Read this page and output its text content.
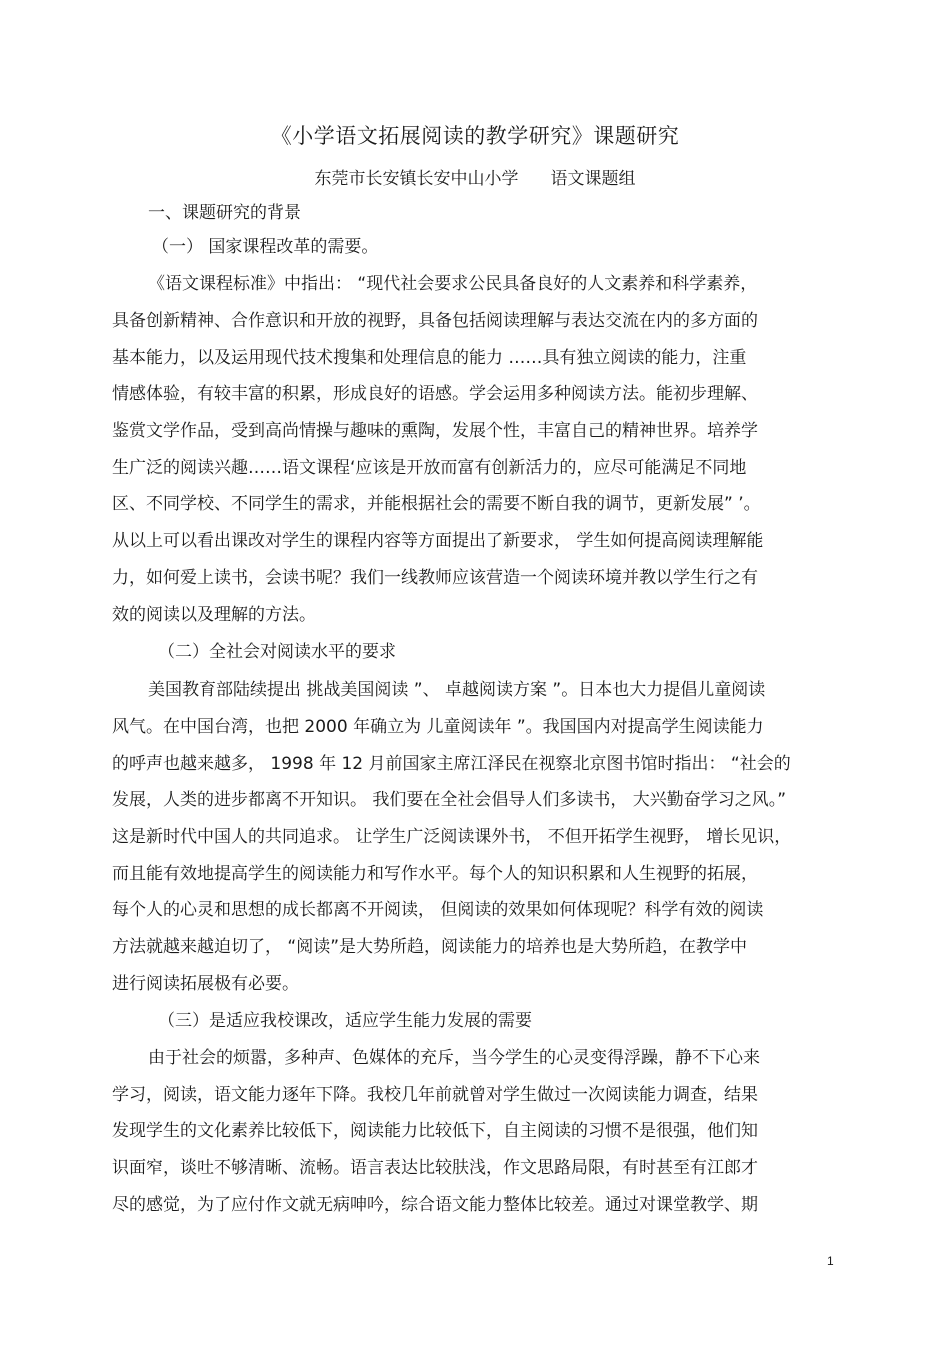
《小学语文拓展阅读的教学研究》课题研究
东莞市长安镇长安中山小学 语文课题组
一、课题研究的背景
（一） 国家课程改革的需要。
《语文课程标准》中指出： “现代社会要求公民具备良好的人文素养和科学素养，
具备创新精神、合作意识和开放的视野，具备包括阅读理解与表达交流在内的多方面的
基本能力，以及运用现代技术搜集和处理信息的能力 ……具有独立阅读的能力，注重
情感体验，有较丰富的积累，形成良好的语感。学会运用多种阅读方法。能初步理解、
鉴赏文学作品，受到高尚情操与趣味的熏陶，发展个性，丰富自己的精神世界。培养学
生广泛的阅读兴趣……语文课程‘应该是开放而富有创新活力的，应尽可能满足不同地
区、不同学校、不同学生的需求，并能根据社会的需要不断自我的调节，更新发展” ’。
从以上可以看出课改对学生的课程内容等方面提出了新要求， 学生如何提高阅读理解能
力，如何爱上读书，会读书呢？我们一线教师应该营造一个阅读环境并教以学生行之有
效的阅读以及理解的方法。
（二）全社会对阅读水平的要求
美国教育部陆续提出 挑战美国阅读 ”、 卓越阅读方案 ”。日本也大力提倡儿童阅读
风气。在中国台湾，也把 2000 年确立为 儿童阅读年 ”。我国国内对提高学生阅读能力
的呼声也越来越多， 1998 年 12 月前国家主席江泽民在视察北京图书馆时指出： “社会的
发展，人类的进步都离不开知识。 我们要在全社会倡导人们多读书， 大兴勤奋学习之风。”
这是新时代中国人的共同追求。 让学生广泛阅读课外书， 不但开拓学生视野， 增长见识，
而且能有效地提高学生的阅读能力和写作水平。每个人的知识积累和人生视野的拓展，
每个人的心灵和思想的成长都离不开阅读， 但阅读的效果如何体现呢？科学有效的阅读
方法就越来越迫切了， “阅读”是大势所趋，阅读能力的培养也是大势所趋，在教学中
进行阅读拓展极有必要。
（三）是适应我校课改，适应学生能力发展的需要
由于社会的烦嚣，多种声、色媒体的充斥，当今学生的心灵变得浮躁，静不下心来
学习，阅读，语文能力逐年下降。我校几年前就曾对学生做过一次阅读能力调查，结果
发现学生的文化素养比较低下，阅读能力比较低下，自主阅读的习惯不是很强，他们知
识面窄，谈吐不够清晰、流畅。语言表达比较肤浅，作文思路局限，有时甚至有江郎才
尽的感觉，为了应付作文就无病呻吟，综合语文能力整体比较差。通过对课堂教学、期
1
